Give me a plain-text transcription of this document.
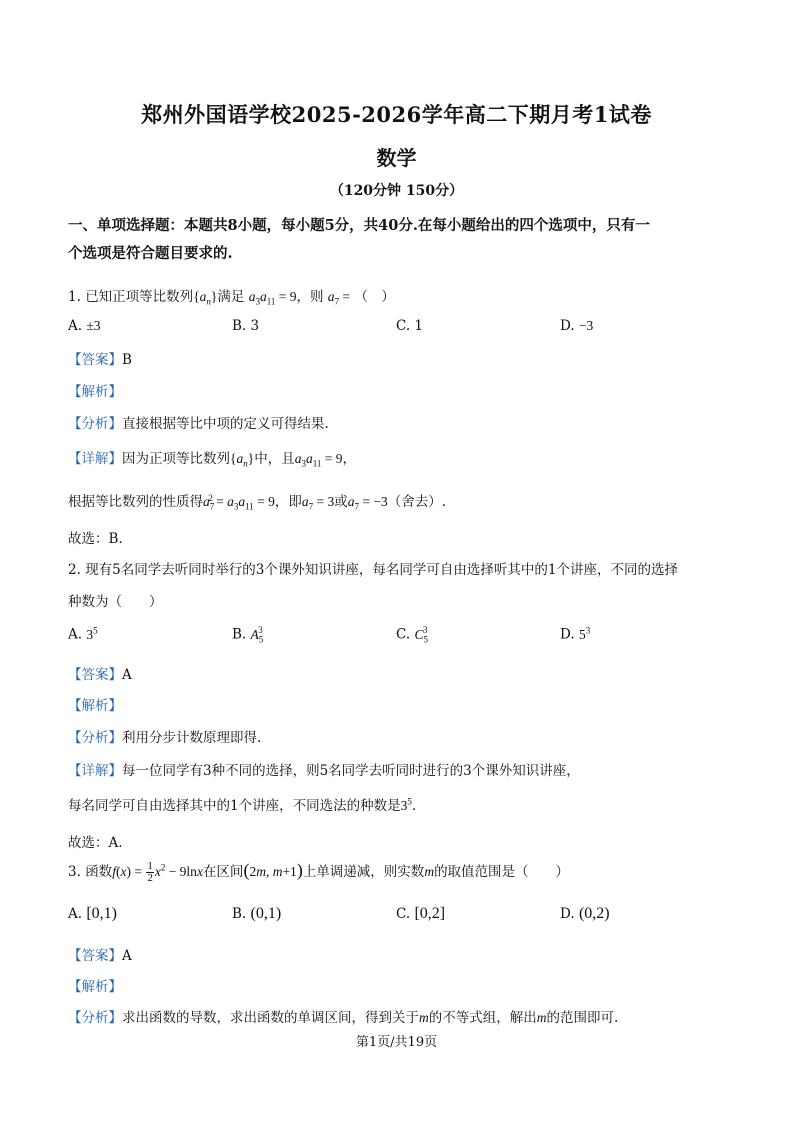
郑州外国语学校2025-2026学年高二下期月考1试卷
数学
（120分钟 150分）
一、单项选择题：本题共8小题，每小题5分，共40分.在每小题给出的四个选项中，只有一
个选项是符合题目要求的.
1. 已知正项等比数列$\{a_n\}$满足 $a_3a_{11} = 9$，则 $a_7$ = （　）
A. ±3	B. 3	C. 1	D. −3
【答案】B
【解析】
【分析】直接根据等比中项的定义可得结果.
【详解】因为正项等比数列$\{a_n\}$中，且$a_3a_{11} = 9$，
根据等比数列的性质得$a_7^2 = a_3a_{11} = 9$，即$a_7 = 3$或$a_7 = -3$（舍去）.
故选：B.
2. 现有5名同学去听同时举行的3个课外知识讲座，每名同学可自由选择听其中的1个讲座，不同的选择
种数为（　　）
A. $3^5$	B. $A_5^3$	C. $C_5^3$	D. $5^3$
【答案】A
【解析】
【分析】利用分步计数原理即得.
【详解】每一位同学有3种不同的选择，则5名同学去听同时进行的3个课外知识讲座，
每名同学可自由选择其中的1个讲座，不同选法的种数是$3^5$.
故选：A.
3. 函数$f(x) = \frac{1}{2} x^2 - 9\ln x$在区间(2m, m+1)上单调递减，则实数m的取值范围是（　　）
A. [0,1)	B. (0,1)	C. [0,2]	D. (0,2)
【答案】A
【解析】
【分析】求出函数的导数，求出函数的单调区间，得到关于m的不等式组，解出m的范围即可.
第1页/共19页
